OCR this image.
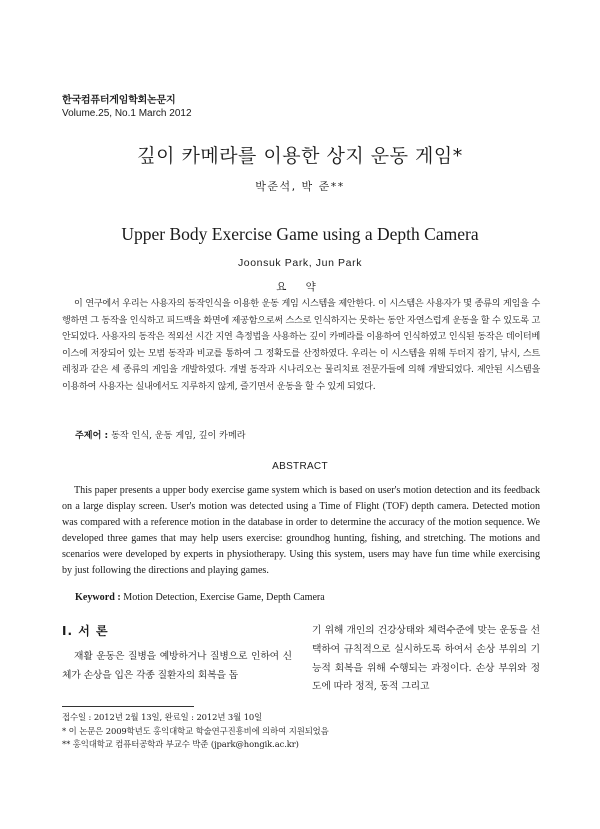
한국컴퓨터게임학회논문지
Volume.25, No.1 March 2012
깊이 카메라를 이용한 상지 운동 게임*
박준석, 박 준**
Upper Body Exercise Game using a Depth Camera
Joonsuk Park, Jun Park
요 약

이 연구에서 우리는 사용자의 동작인식을 이용한 운동 게임 시스템을 제안한다. 이 시스템은 사용자가 몇 종류의 게임을 수행하면 그 동작을 인식하고 피드백을 화면에 제공함으로써 스스로 인식하지는 못하는 동안 자연스럽게 운동을 할 수 있도록 고안되었다. 사용자의 동작은 적외선 시간 지연 측정법을 사용하는 깊이 카메라를 이용하여 인식하였고 인식된 동작은 데이터베이스에 저장되어 있는 모범 동작과 비교를 통하여 그 정확도를 산정하였다. 우리는 이 시스템을 위해 두더지 잡기, 낚시, 스트레칭과 같은 세 종류의 게임을 개발하였다. 개별 동작과 시나리오는 물리치료 전문가들에 의해 개발되었다. 제안된 시스템을 이용하여 사용자는 실내에서도 지루하지 않게, 즐기면서 운동을 할 수 있게 되었다.

주제어 : 동작 인식, 운동 게임, 깊이 카메라
ABSTRACT

This paper presents a upper body exercise game system which is based on user's motion detection and its feedback on a large display screen. User's motion was detected using a Time of Flight (TOF) depth camera. Detected motion was compared with a reference motion in the database in order to determine the accuracy of the motion sequence. We developed three games that may help users exercise: groundhog hunting, fishing, and stretching. The motions and scenarios were developed by experts in physiotherapy. Using this system, users may have fun time while exercising by just following the directions and playing games.

Keyword : Motion Detection, Exercise Game, Depth Camera
Ⅰ. 서 론

재활 운동은 질병을 예방하거나 질병으로 인하여 신체가 손상을 입은 각종 질환자의 회복을 돕

기 위해 개인의 건강상태와 체력수준에 맞는 운동을 선택하여 규칙적으로 실시하도록 하여서 손상 부위의 기능적 회복을 위해 수행되는 과정이다. 손상 부위와 정도에 따라 정적, 동적 그리고

접수일 : 2012년 2월 13일, 완료일 : 2012년 3월 10일
* 이 논문은 2009학년도 홍익대학교 학술연구진흥비에 의하여 지원되었음
** 홍익대학교 컴퓨터공학과 부교수 박준 (jpark@hongik.ac.kr)
